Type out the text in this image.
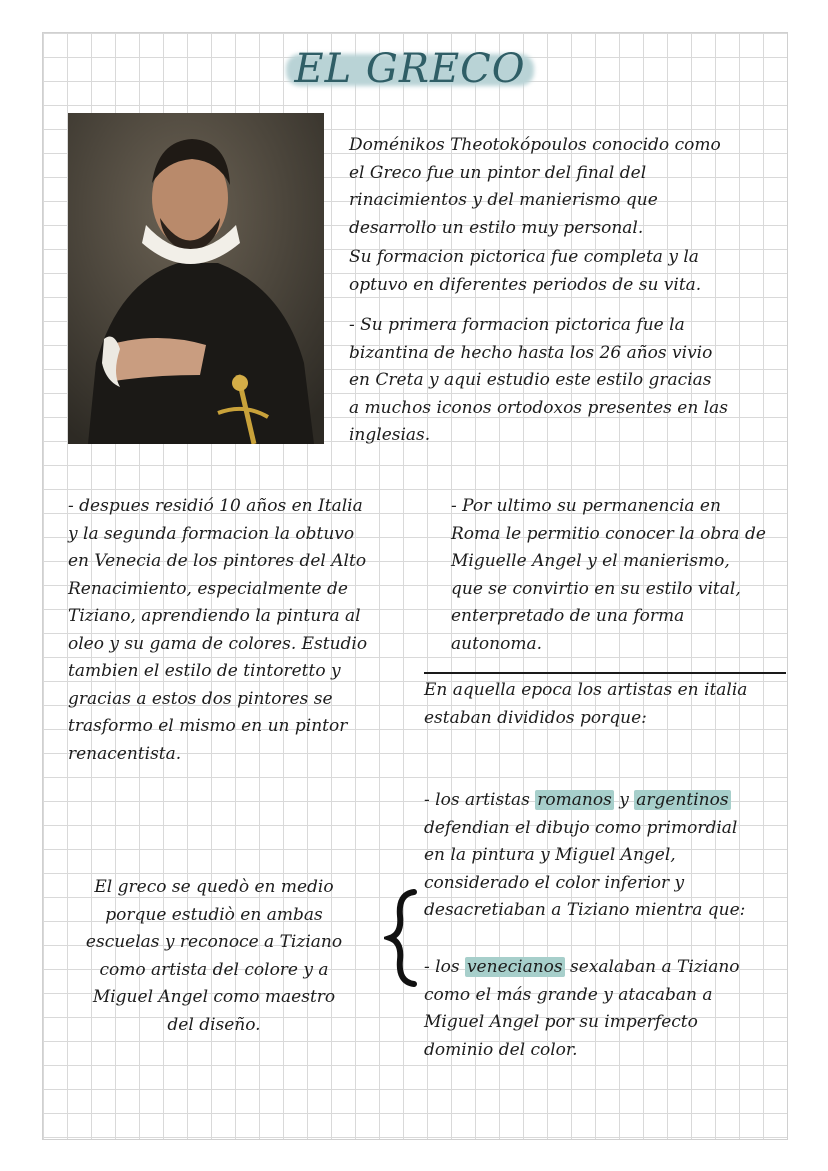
EL GRECO
Doménikos Theotokópoulos conocido como
el Greco fue un pintor del final del
rinacimientos y del manierismo que
desarrollo un estilo muy personal.
Su formacion pictorica fue completa y la
optuvo en diferentes periodos de su vita.
- Su primera formacion pictorica fue la
bizantina de hecho hasta los 26 años vivio
en Creta y aqui estudio este estilo gracias
a muchos iconos ortodoxos presentes en las
inglesias.
- despues residió 10 años en Italia
y la segunda formacion la obtuvo
en Venecia de los pintores del Alto
Renacimiento, especialmente de
Tiziano, aprendiendo la pintura al
oleo y su gama de colores. Estudio
tambien el estilo de tintoretto y
gracias a estos dos pintores se
trasformo el mismo en un pintor
renacentista.
- Por ultimo su permanencia en
Roma le permitio conocer la obra de
Miguelle Angel y el manierismo,
que se convirtio en su estilo vital,
enterpretado de una forma
autonoma.
En aquella epoca los artistas en italia
estaban divididos porque:
- los artistas romanos y argentinos
defendian el dibujo como primordial
en la pintura y Miguel Angel,
considerado el color inferior y
desacretiaban a Tiziano mientra que:
- los venecianos sexalaban a Tiziano
como el más grande y atacaban a
Miguel Angel por su imperfecto
dominio del color.
El greco se quedò en medio
porque estudiò en ambas
escuelas y reconoce a Tiziano
como artista del colore y a
Miguel Angel como maestro
del diseño.
